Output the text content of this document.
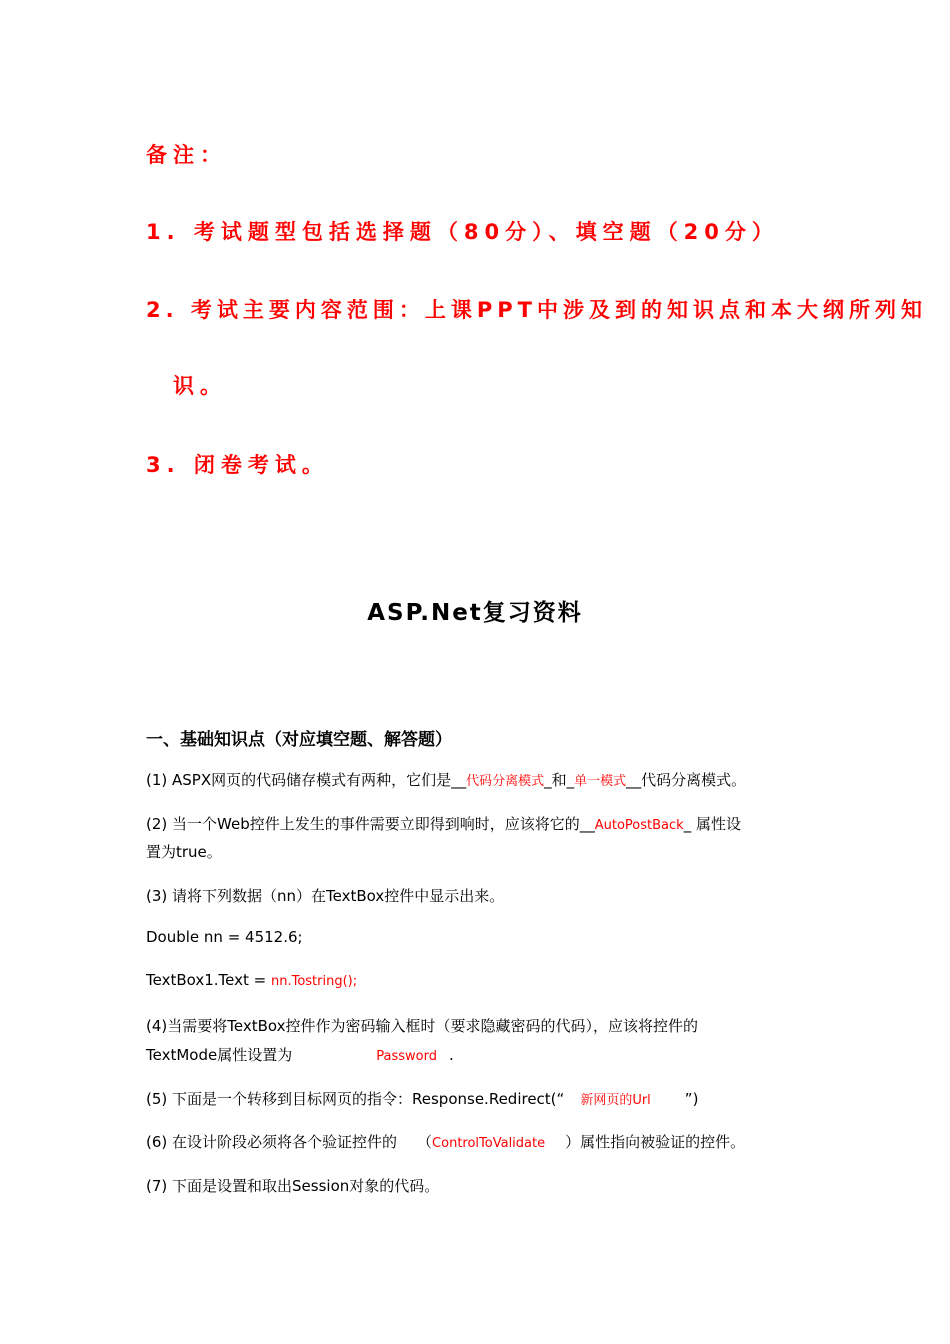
备注：
1. 考试题型包括选择题（80分）、填空题（20分）
2. 考试主要内容范围：上课PPT中涉及到的知识点和本大纲所列知
识。
3. 闭卷考试。
ASP.Net复习资料
一、基础知识点（对应填空题、解答题）
(1) ASPX网页的代码储存模式有两种，它们是__代码分离模式_和_单一模式__代码分离模式。
(2) 当一个Web控件上发生的事件需要立即得到响时，应该将它的__AutoPostBack_ 属性设
置为true。
(3) 请将下列数据（nn）在TextBox控件中显示出来。
Double nn = 4512.6;
TextBox1.Text = nn.Tostring();
(4)当需要将TextBox控件作为密码输入框时（要求隐藏密码的代码），应该将控件的
TextMode属性设置为	Password .
(5) 下面是一个转移到目标网页的指令：Response.Redirect(“ 新网页的Url ”)
(6) 在设计阶段必须将各个验证控件的 （ControlToValidate ）属性指向被验证的控件。
(7) 下面是设置和取出Session对象的代码。
